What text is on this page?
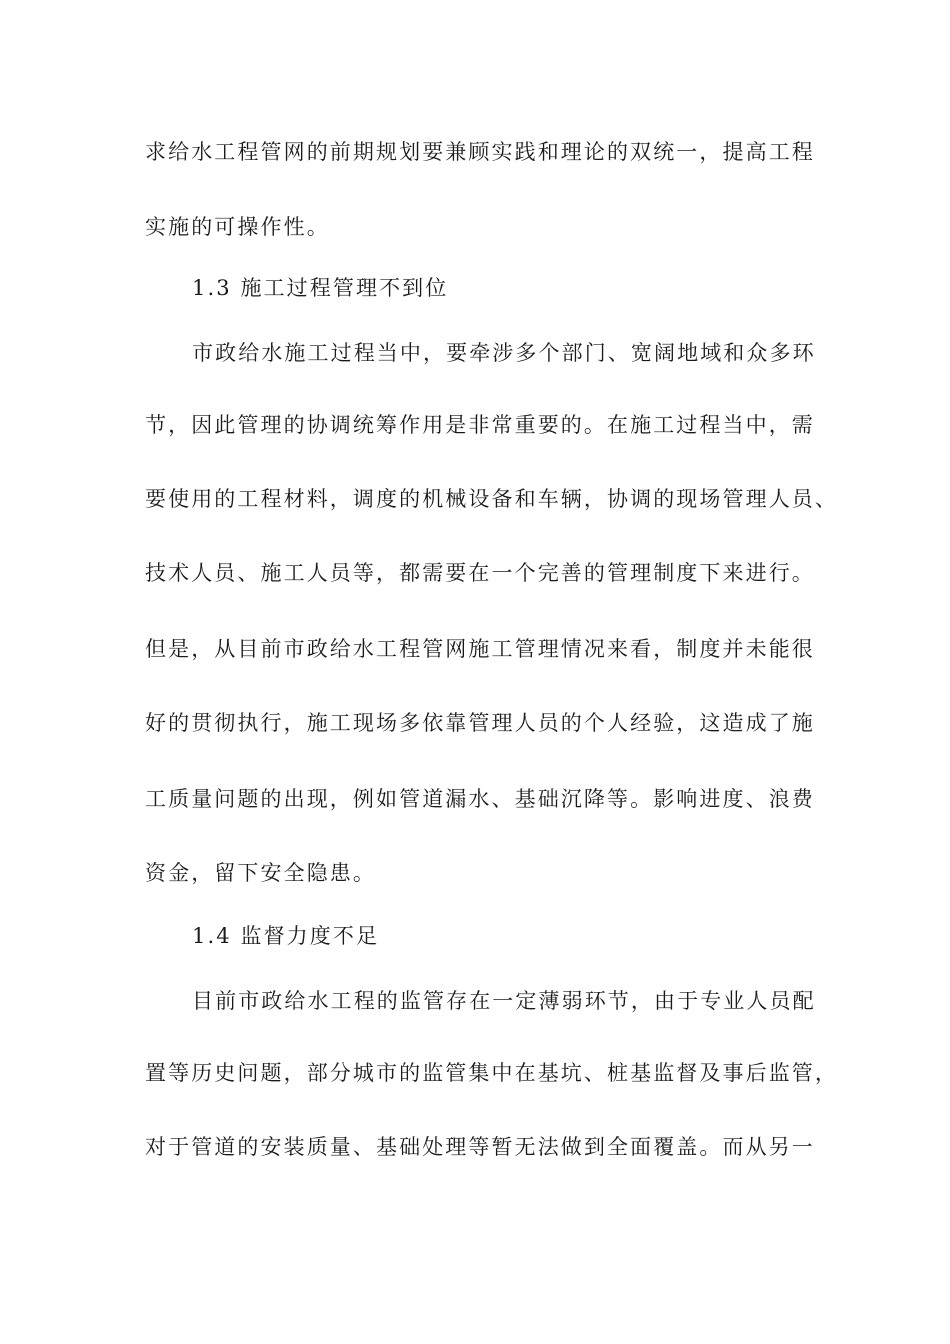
求给水工程管网的前期规划要兼顾实践和理论的双统一，提高工程
实施的可操作性。
1.3 施工过程管理不到位
市政给水施工过程当中，要牵涉多个部门、宽阔地域和众多环
节，因此管理的协调统筹作用是非常重要的。在施工过程当中，需
要使用的工程材料，调度的机械设备和车辆，协调的现场管理人员、
技术人员、施工人员等，都需要在一个完善的管理制度下来进行。
但是，从目前市政给水工程管网施工管理情况来看，制度并未能很
好的贯彻执行，施工现场多依靠管理人员的个人经验，这造成了施
工质量问题的出现，例如管道漏水、基础沉降等。影响进度、浪费
资金，留下安全隐患。
1.4 监督力度不足
目前市政给水工程的监管存在一定薄弱环节，由于专业人员配
置等历史问题，部分城市的监管集中在基坑、桩基监督及事后监管，
对于管道的安装质量、基础处理等暂无法做到全面覆盖。而从另一
